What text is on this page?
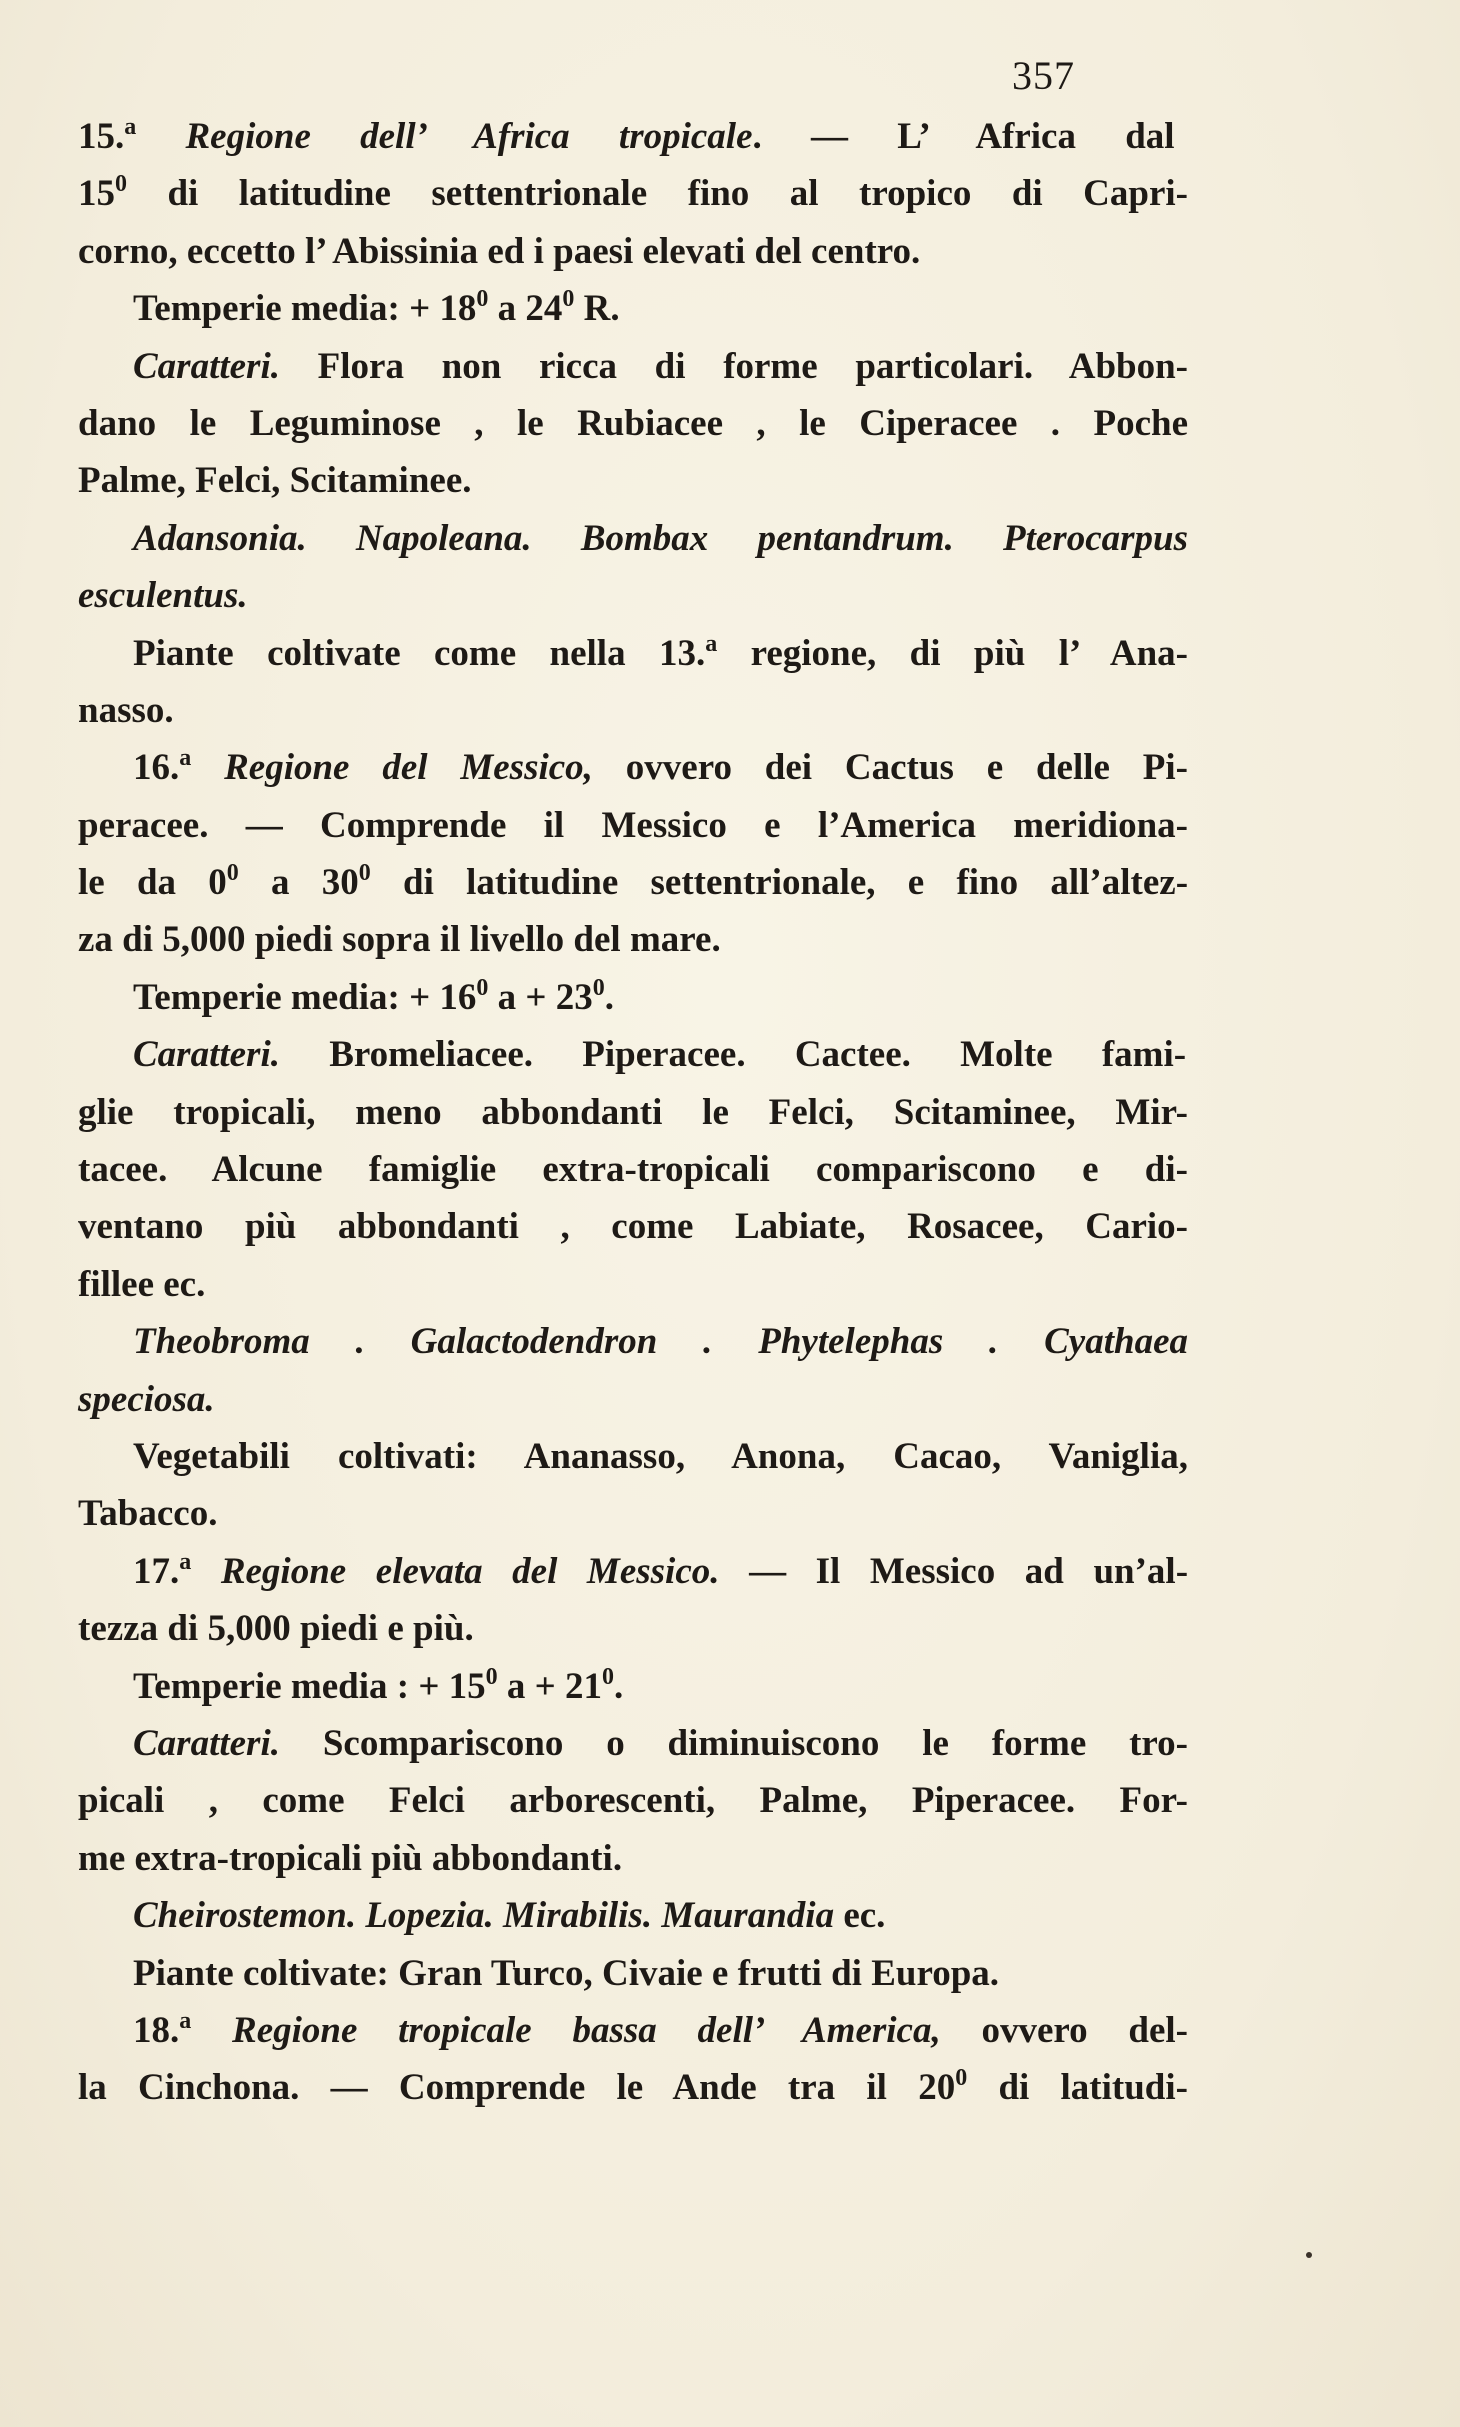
357
15.$^a$ Regione dell’ Africa tropicale. — L’ Africa dal
$15^0$ di latitudine settentrionale fino al tropico di Capri-
corno, eccetto l’ Abissinia ed i paesi elevati del centro.
Temperie media: + $18^0$ a $24^0$ R.
Caratteri. Flora non ricca di forme particolari. Abbon-
dano le Leguminose , le Rubiacee , le Ciperacee . Poche
Palme, Felci, Scitaminee.
Adansonia. Napoleana. Bombax pentandrum. Pterocarpus
esculentus.
Piante coltivate come nella 13.$^a$ regione, di più l’ Ana-
nasso.
16.$^a$ Regione del Messico, ovvero dei Cactus e delle Pi-
peracee. — Comprende il Messico e l’America meridiona-
le da $0^0$ a $30^0$ di latitudine settentrionale, e fino all’altez-
za di 5,000 piedi sopra il livello del mare.
Temperie media: + $16^0$ $a + 23^0$.
Caratteri. Bromeliacee. Piperacee. Cactee. Molte fami-
glie tropicali, meno abbondanti le Felci, Scitaminee, Mir-
tacee. Alcune famiglie extra-tropicali compariscono e di-
ventano più abbondanti , come Labiate, Rosacee, Cario-
fillee ec.
Theobroma . Galactodendron . Phytelephas . Cyathaea
speciosa.
Vegetabili coltivati: Ananasso, Anona, Cacao, Vaniglia,
Tabacco.
17.$^a$ Regione elevata del Messico. — Il Messico ad un’al-
tezza di 5,000 piedi e più.
Temperie media : + $15^0$ $a + 21^0$.
Caratteri. Scompariscono o diminuiscono le forme tro-
picali , come Felci arborescenti, Palme, Piperacee. For-
me extra-tropicali più abbondanti.
Cheirostemon. Lopezia. Mirabilis. Maurandia ec.
Piante coltivate: Gran Turco, Civaie e frutti di Europa.
18.$^a$ Regione tropicale bassa dell’ America, ovvero del-
la Cinchona. — Comprende le Ande tra il $20^0$ di latitudi-
